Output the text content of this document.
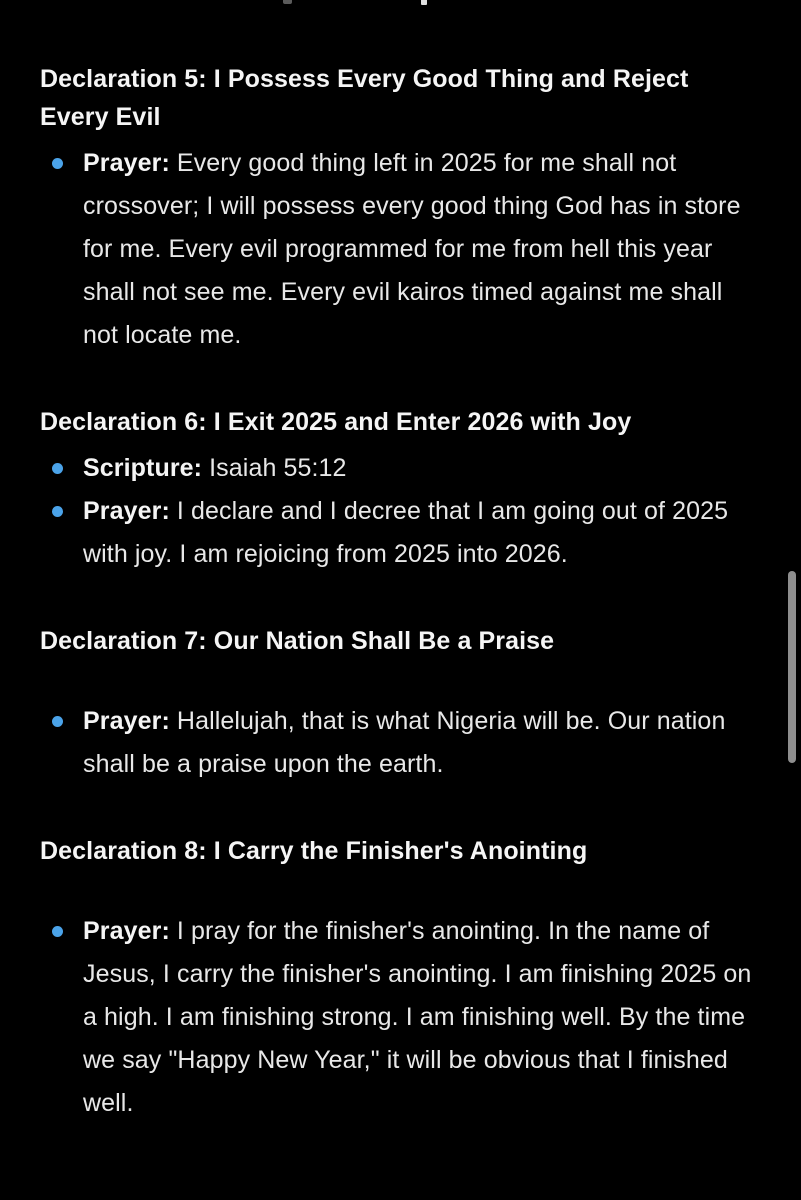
Declaration 5: I Possess Every Good Thing and Reject Every Evil

Prayer: Every good thing left in 2025 for me shall not crossover; I will possess every good thing God has in store for me. Every evil programmed for me from hell this year shall not see me. Every evil kairos timed against me shall not locate me.

Declaration 6: I Exit 2025 and Enter 2026 with Joy

Scripture: Isaiah 55:12

Prayer: I declare and I decree that I am going out of 2025 with joy. I am rejoicing from 2025 into 2026.

Declaration 7: Our Nation Shall Be a Praise

Prayer: Hallelujah, that is what Nigeria will be. Our nation shall be a praise upon the earth.

Declaration 8: I Carry the Finisher's Anointing

Prayer: I pray for the finisher's anointing. In the name of Jesus, I carry the finisher's anointing. I am finishing 2025 on a high. I am finishing strong. I am finishing well. By the time we say "Happy New Year," it will be obvious that I finished well.
